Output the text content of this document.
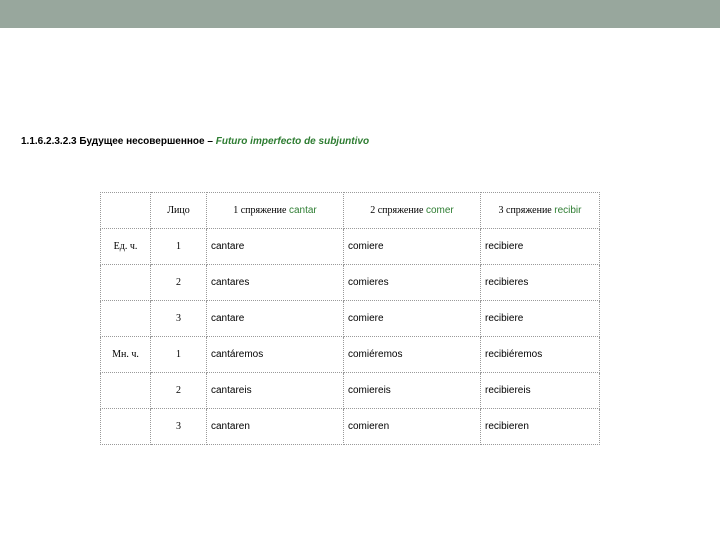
1.1.6.2.3.2.3 Будущее несовершенное – Futuro imperfecto de subjuntivo
	Лицо	1 спряжение cantar	2 спряжение comer	3 спряжение recibir
Ед. ч.	1	cantare	comiere	recibiere
	2	cantares	comieres	recibieres
	3	cantare	comiere	recibiere
Мн. ч.	1	cantáremos	comiéremos	recibiéremos
	2	cantareis	comiereis	recibiereis
	3	cantaren	comieren	recibieren
